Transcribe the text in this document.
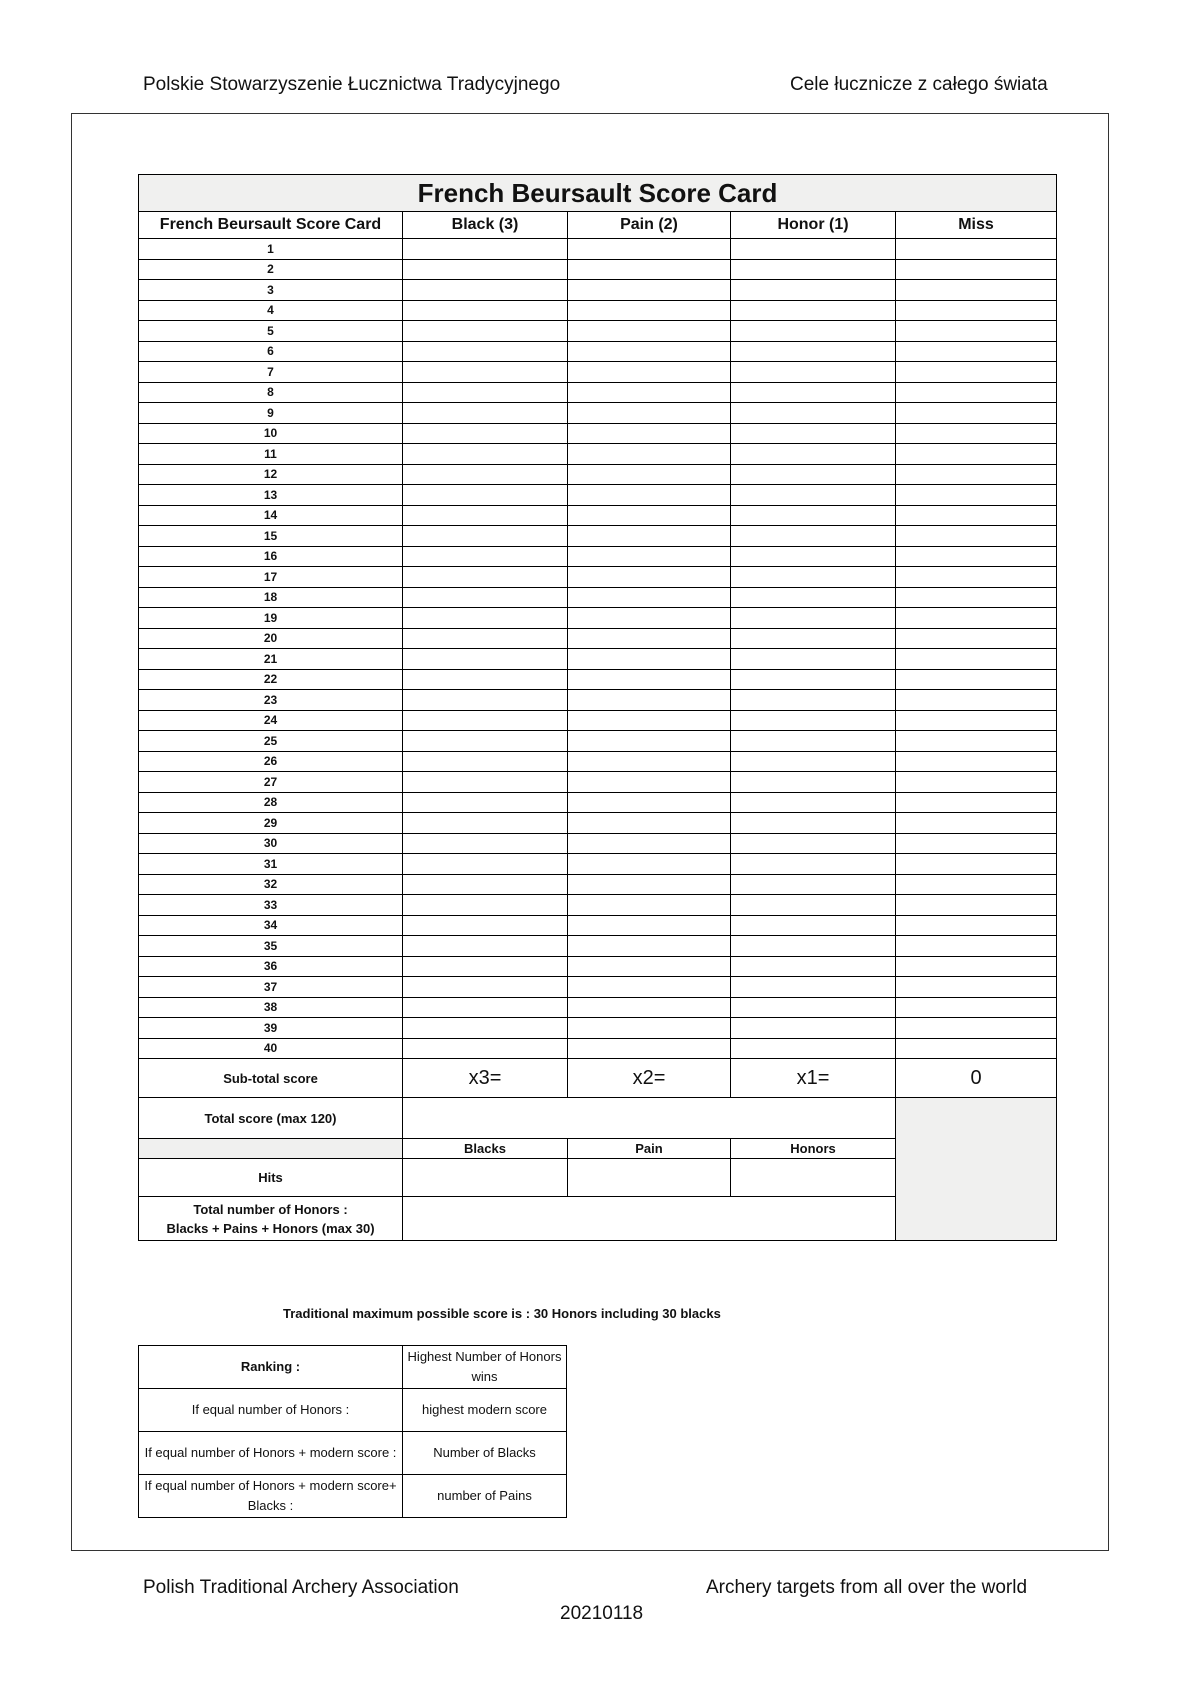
Polskie Stowarzyszenie Łucznictwa Tradycyjnego	Cele łucznicze z całego świata
French Beursault Score Card				
French Beursault Score Card	Black (3)	Pain (2)	Honor (1)	Miss
1				
2				
3				
4				
5				
6				
7				
8				
9				
10				
11				
12				
13				
14				
15				
16				
17				
18				
19				
20				
21				
22				
23				
24				
25				
26				
27				
28				
29				
30				
31				
32				
33				
34				
35				
36				
37				
38				
39				
40				
Sub-total score	x3=	x2=	x1=	0
Total score (max 120)				
	Blacks	Pain	Honors	
Hits				

Total number of Honors :
Blacks + Pains + Honors (max 30)				

Traditional maximum possible score is : 30 Honors including 30 blacks
Ranking :	Highest Number of Honors wins
If equal number of Honors :	highest modern score
If equal number of Honors + modern score :	Number of Blacks
If equal number of Honors + modern score+ Blacks :	number of Pains
Polish Traditional Archery Association	Archery targets from all over the world
20210118
